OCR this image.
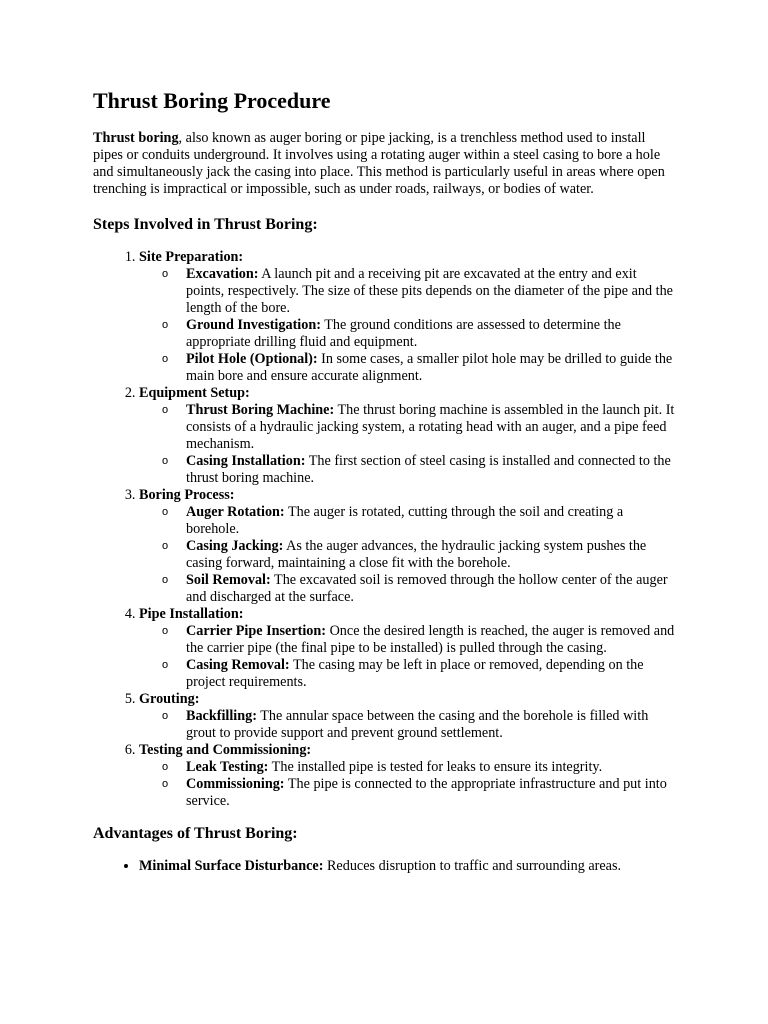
Thrust Boring Procedure

Thrust boring, also known as auger boring or pipe jacking, is a trenchless method used to install pipes or conduits underground. It involves using a rotating auger within a steel casing to bore a hole and simultaneously jack the casing into place. This method is particularly useful in areas where open trenching is impractical or impossible, such as under roads, railways, or bodies of water.

Steps Involved in Thrust Boring:
1. Site Preparation:
o Excavation: A launch pit and a receiving pit are excavated at the entry and exit points, respectively. The size of these pits depends on the diameter of the pipe and the length of the bore.
o Ground Investigation: The ground conditions are assessed to determine the appropriate drilling fluid and equipment.
o Pilot Hole (Optional): In some cases, a smaller pilot hole may be drilled to guide the main bore and ensure accurate alignment.
2. Equipment Setup:
o Thrust Boring Machine: The thrust boring machine is assembled in the launch pit. It consists of a hydraulic jacking system, a rotating head with an auger, and a pipe feed mechanism.
o Casing Installation: The first section of steel casing is installed and connected to the thrust boring machine.
3. Boring Process:
o Auger Rotation: The auger is rotated, cutting through the soil and creating a borehole.
o Casing Jacking: As the auger advances, the hydraulic jacking system pushes the casing forward, maintaining a close fit with the borehole.
o Soil Removal: The excavated soil is removed through the hollow center of the auger and discharged at the surface.
4. Pipe Installation:
o Carrier Pipe Insertion: Once the desired length is reached, the auger is removed and the carrier pipe (the final pipe to be installed) is pulled through the casing.
o Casing Removal: The casing may be left in place or removed, depending on the project requirements.
5. Grouting:
o Backfilling: The annular space between the casing and the borehole is filled with grout to provide support and prevent ground settlement.
6. Testing and Commissioning:
o Leak Testing: The installed pipe is tested for leaks to ensure its integrity.
o Commissioning: The pipe is connected to the appropriate infrastructure and put into service.
Advantages of Thrust Boring:
• Minimal Surface Disturbance: Reduces disruption to traffic and surrounding areas.
